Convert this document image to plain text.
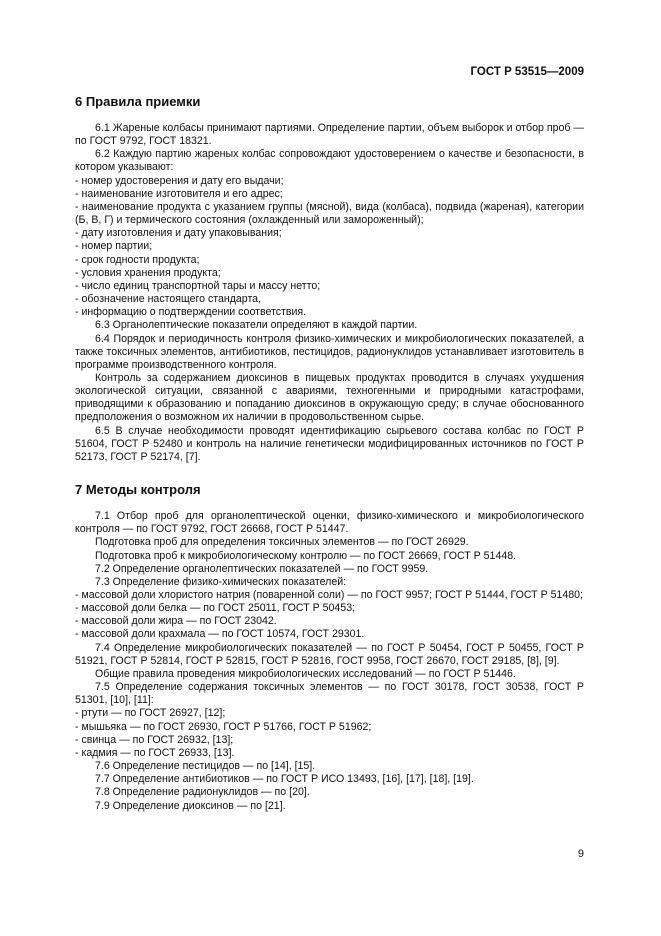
ГОСТ Р 53515—2009
6 Правила приемки

6.1 Жареные колбасы принимают партиями. Определение партии, объем выборок и отбор проб — по ГОСТ 9792, ГОСТ 18321.

6.2 Каждую партию жареных колбас сопровождают удостоверением о качестве и безопасности, в котором указывают:

- номер удостоверения и дату его выдачи;

- наименование изготовителя и его адрес;

- наименование продукта с указанием группы (мясной), вида (колбаса), подвида (жареная), категории (Б, В, Г) и термического состояния (охлажденный или замороженный);

- дату изготовления и дату упаковывания;

- номер партии;

- срок годности продукта;

- условия хранения продукта;

- число единиц транспортной тары и массу нетто;

- обозначение настоящего стандарта,

- информацию о подтверждении соответствия.

6.3 Органолептические показатели определяют в каждой партии.

6.4 Порядок и периодичность контроля физико-химических и микробиологических показателей, а также токсичных элементов, антибиотиков, пестицидов, радионуклидов устанавливает изготовитель в программе производственного контроля.

Контроль за содержанием диоксинов в пищевых продуктах проводится в случаях ухудшения экологической ситуации, связанной с авариями, техногенными и природными катастрофами, приводящими к образованию и попаданию диоксинов в окружающую среду; в случае обоснованного предположения о возможном их наличии в продовольственном сырье.

6.5 В случае необходимости проводят идентификацию сырьевого состава колбас по ГОСТ Р 51604, ГОСТ Р 52480 и контроль на наличие генетически модифицированных источников по ГОСТ Р 52173, ГОСТ Р 52174, [7].

7 Методы контроля

7.1 Отбор проб для органолептической оценки, физико-химического и микробиологического контроля — по ГОСТ 9792, ГОСТ 26668, ГОСТ Р 51447.

Подготовка проб для определения токсичных элементов — по ГОСТ 26929.

Подготовка проб к микробиологическому контролю — по ГОСТ 26669, ГОСТ Р 51448.

7.2 Определение органолептических показателей — по ГОСТ 9959.

7.3 Определение физико-химических показателей:

- массовой доли хлористого натрия (поваренной соли) — по ГОСТ 9957; ГОСТ Р 51444, ГОСТ Р 51480;

- массовой доли белка — по ГОСТ 25011, ГОСТ Р 50453;

- массовой доли жира — по ГОСТ 23042.

- массовой доли крахмала — по ГОСТ 10574, ГОСТ 29301.

7.4 Определение микробиологических показателей — по ГОСТ Р 50454, ГОСТ Р 50455, ГОСТ Р 51921, ГОСТ Р 52814, ГОСТ Р 52815, ГОСТ Р 52816, ГОСТ 9958, ГОСТ 26670, ГОСТ 29185, [8], [9].

Общие правила проведения микробиологических исследований — по ГОСТ Р 51446.

7.5 Определение содержания токсичных элементов — по ГОСТ 30178, ГОСТ 30538, ГОСТ Р 51301, [10], [11]:

- ртути — по ГОСТ 26927, [12];

- мышьяка — по ГОСТ 26930, ГОСТ Р 51766, ГОСТ Р 51962;

- свинца — по ГОСТ 26932, [13];

- кадмия — по ГОСТ 26933, [13].

7.6 Определение пестицидов — по [14], [15].

7.7 Определение антибиотиков — по ГОСТ Р ИСО 13493, [16], [17], [18], [19].

7.8 Определение радионуклидов — по [20].

7.9 Определение диоксинов — по [21].

9
